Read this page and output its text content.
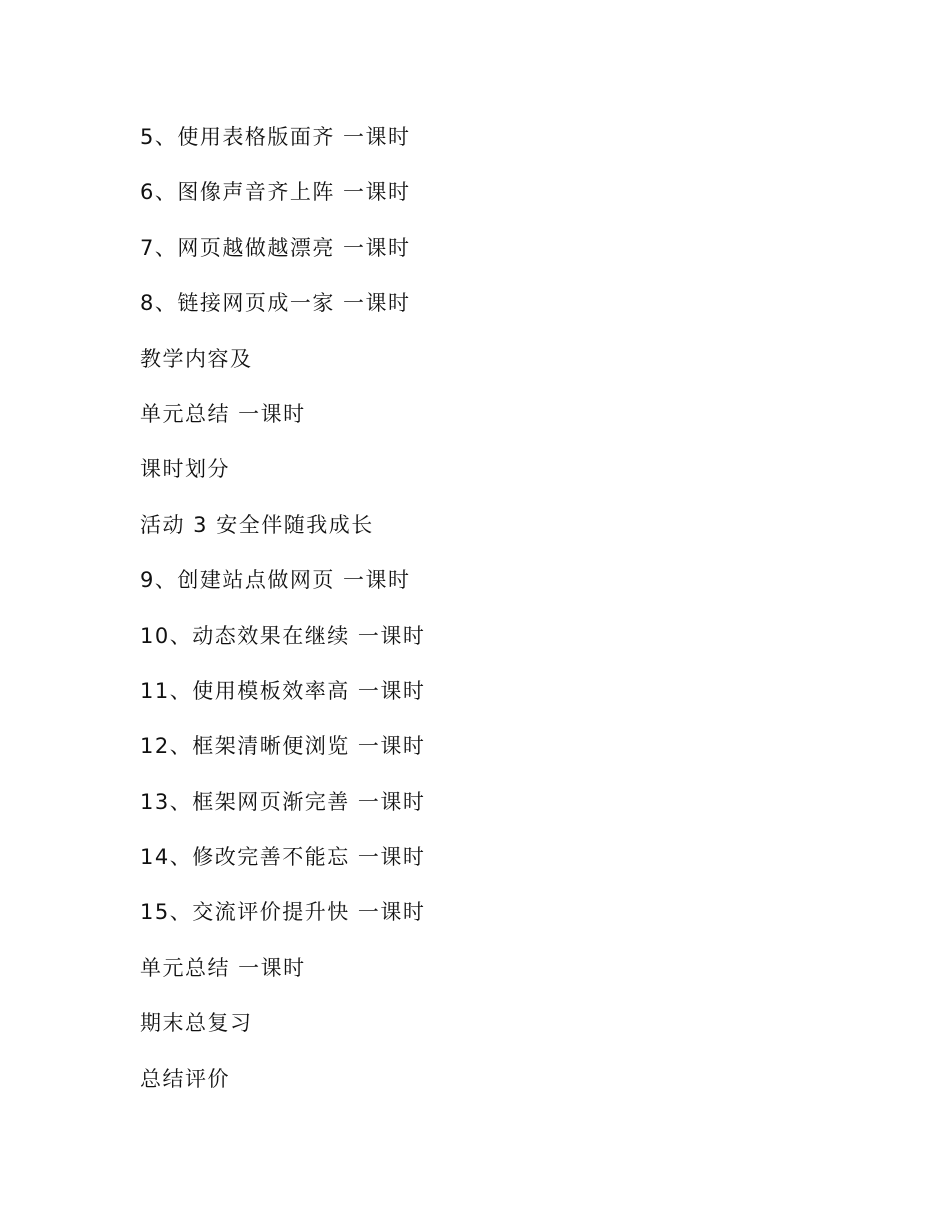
5、使用表格版面齐 一课时
6、图像声音齐上阵 一课时
7、网页越做越漂亮 一课时
8、链接网页成一家 一课时
教学内容及
单元总结 一课时
课时划分
活动 3 安全伴随我成长
9、创建站点做网页 一课时
10、动态效果在继续 一课时
11、使用模板效率高 一课时
12、框架清晰便浏览 一课时
13、框架网页渐完善 一课时
14、修改完善不能忘 一课时
15、交流评价提升快 一课时
单元总结 一课时
期末总复习
总结评价
